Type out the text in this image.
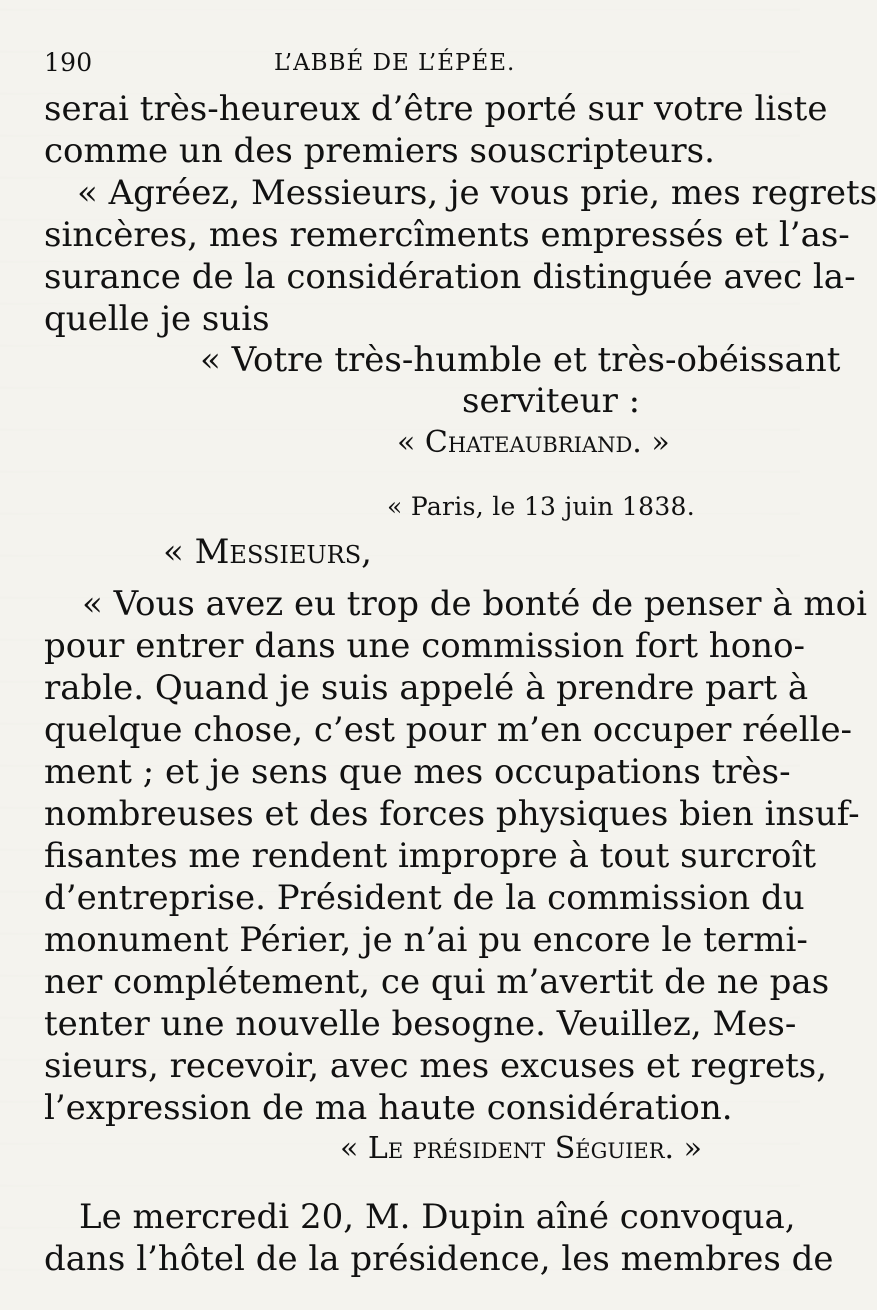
190	L’ABBÉ DE L’ÉPÉE.
serai très-heureux d’être porté sur votre liste
comme un des premiers souscripteurs.
« Agréez, Messieurs, je vous prie, mes regrets
sincères, mes remercîments empressés et l’as-
surance de la considération distinguée avec la-
quelle je suis
« Votre très-humble et très-obéissant
serviteur :
« Chateaubriand. »
« Paris, le 13 juin 1838.
« Messieurs,
« Vous avez eu trop de bonté de penser à moi
pour entrer dans une commission fort hono-
rable. Quand je suis appelé à prendre part à
quelque chose, c’est pour m’en occuper réelle-
ment ; et je sens que mes occupations très-
nombreuses et des forces physiques bien insuf-
fisantes me rendent impropre à tout surcroît
d’entreprise. Président de la commission du
monument Périer, je n’ai pu encore le termi-
ner complétement, ce qui m’avertit de ne pas
tenter une nouvelle besogne. Veuillez, Mes-
sieurs, recevoir, avec mes excuses et regrets,
l’expression de ma haute considération.
« Le président Séguier. »
Le mercredi 20, M. Dupin aîné convoqua,
dans l’hôtel de la présidence, les membres de
